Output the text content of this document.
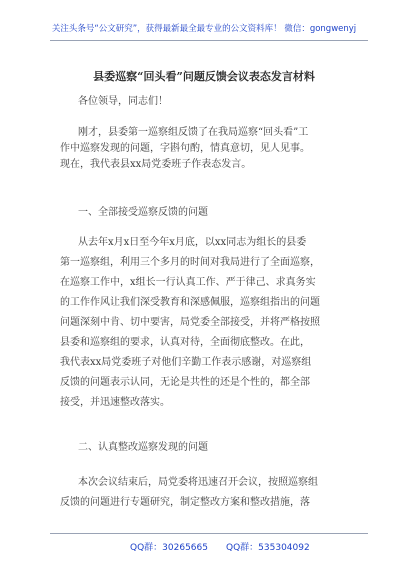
关注头条号“公文研究”，获得最新最全最专业的公文资料库！ 微信：gongwenyj
县委巡察“回头看”问题反馈会议表态发言材料
各位领导，同志们！
刚才，县委第一巡察组反馈了在我局巡察“回头看”工
作中巡察发现的问题，字斟句酌，情真意切，见人见事。
现在，我代表县xx局党委班子作表态发言。
一、全部接受巡察反馈的问题
从去年x月x日至今年x月底，以xx同志为组长的县委
第一巡察组，利用三个多月的时间对我局进行了全面巡察，
在巡察工作中，x组长一行认真工作、严于律己、求真务实
的工作作风让我们深受教育和深感佩服，巡察组指出的问题
问题深刻中肯、切中要害，局党委全部接受，并将严格按照
县委和巡察组的要求，认真对待，全面彻底整改。在此，
我代表xx局党委班子对他们辛勤工作表示感谢，对巡察组
反馈的问题表示认同，无论是共性的还是个性的，都全部
接受，并迅速整改落实。
二、认真整改巡察发现的问题
本次会议结束后，局党委将迅速召开会议，按照巡察组
反馈的问题进行专题研究，制定整改方案和整改措施，落
QQ群：30265665 QQ群：535304092
